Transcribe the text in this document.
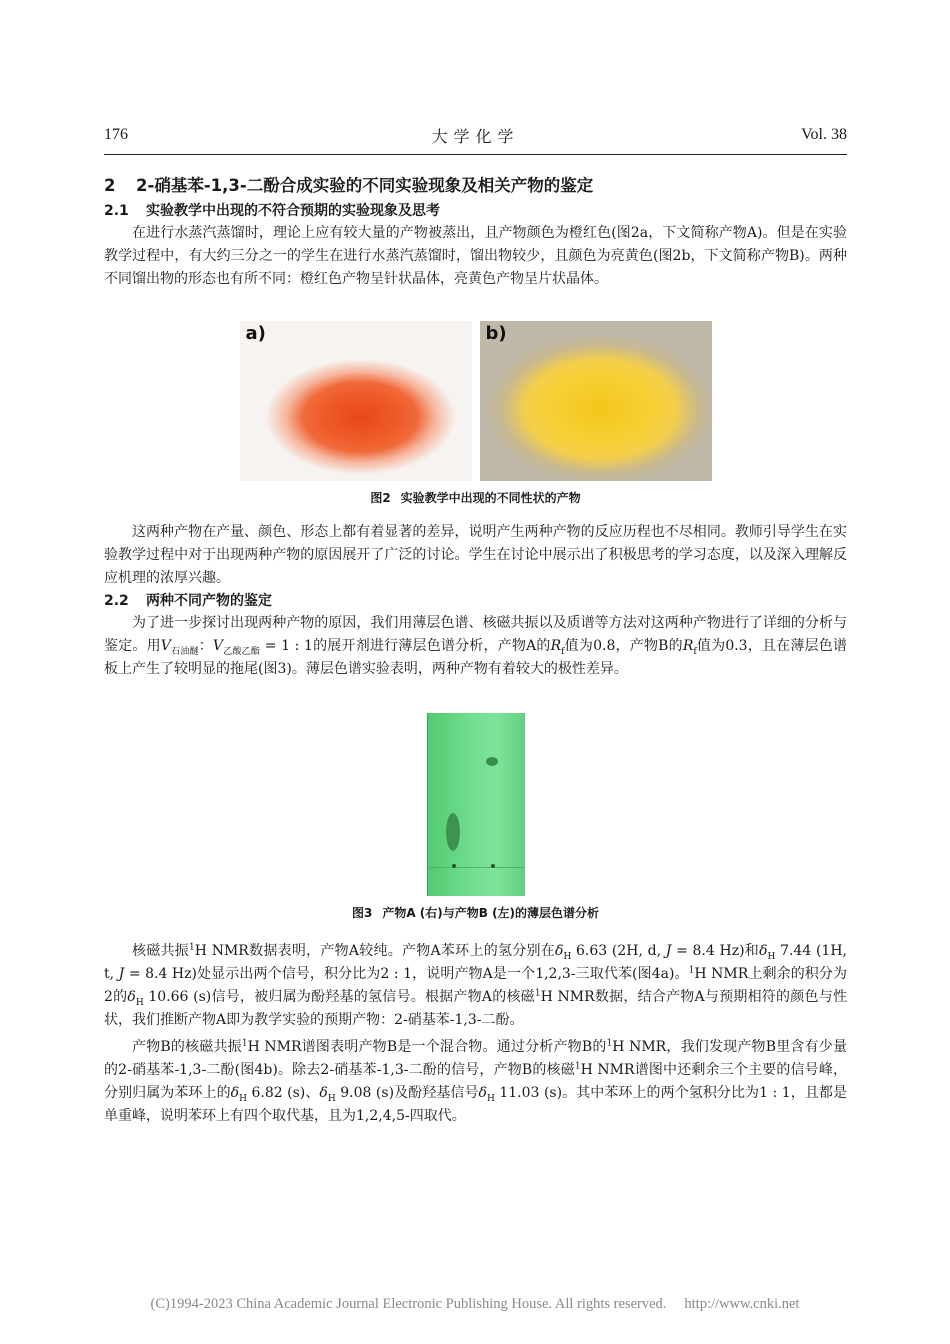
176	大学化学	Vol. 38
2 2-硝基苯-1,3-二酚合成实验的不同实验现象及相关产物的鉴定
2.1 实验教学中出现的不符合预期的实验现象及思考

在进行水蒸汽蒸馏时，理论上应有较大量的产物被蒸出，且产物颜色为橙红色(图2a，下文简称产物A)。但是在实验教学过程中，有大约三分之一的学生在进行水蒸汽蒸馏时，馏出物较少，且颜色为亮黄色(图2b，下文简称产物B)。两种不同馏出物的形态也有所不同：橙红色产物呈针状晶体，亮黄色产物呈片状晶体。

a)	b)
图2 实验教学中出现的不同性状的产物

这两种产物在产量、颜色、形态上都有着显著的差异，说明产生两种产物的反应历程也不尽相同。教师引导学生在实验教学过程中对于出现两种产物的原因展开了广泛的讨论。学生在讨论中展示出了积极思考的学习态度，以及深入理解反应机理的浓厚兴趣。

2.2 两种不同产物的鉴定

为了进一步探讨出现两种产物的原因，我们用薄层色谱、核磁共振以及质谱等方法对这两种产物进行了详细的分析与鉴定。用$V_{石油醚}$：$V_{乙酸乙酯} = 1$ : 1的展开剂进行薄层色谱分析，产物A的$R_f$值为0.8，产物B的$R_f$值为0.3，且在薄层色谱板上产生了较明显的拖尾(图3)。薄层色谱实验表明，两种产物有着较大的极性差异。

图3 产物A (右)与产物B (左)的薄层色谱分析

核磁共振$^1$H NMR数据表明，产物A较纯。产物A苯环上的氢分别在$\delta_H$ 6.63 (2H, d, J = 8.4 Hz)和$\delta_H$ 7.44 (1H, t, J = 8.4 Hz)处显示出两个信号，积分比为2 : 1，说明产物A是一个1,2,3-三取代苯(图4a)。$^1$H NMR上剩余的积分为2的$\delta_H$ 10.66 (s)信号，被归属为酚羟基的氢信号。根据产物A的核磁$^1$H NMR数据，结合产物A与预期相符的颜色与性状，我们推断产物A即为教学实验的预期产物：2-硝基苯-1,3-二酚。

产物B的核磁共振$^1$H NMR谱图表明产物B是一个混合物。通过分析产物B的$^1$H NMR，我们发现产物B里含有少量的2-硝基苯-1,3-二酚(图4b)。除去2-硝基苯-1,3-二酚的信号，产物B的核磁$^1$H NMR谱图中还剩余三个主要的信号峰，分别归属为苯环上的$\delta_H$ 6.82 (s)、$\delta_H$ 9.08 (s)及酚羟基信号$\delta_H$ 11.03 (s)。其中苯环上的两个氢积分比为1 : 1，且都是单重峰，说明苯环上有四个取代基，且为1,2,4,5-四取代。

(C)1994-2023 China Academic Journal Electronic Publishing House. All rights reserved. http://www.cnki.net
